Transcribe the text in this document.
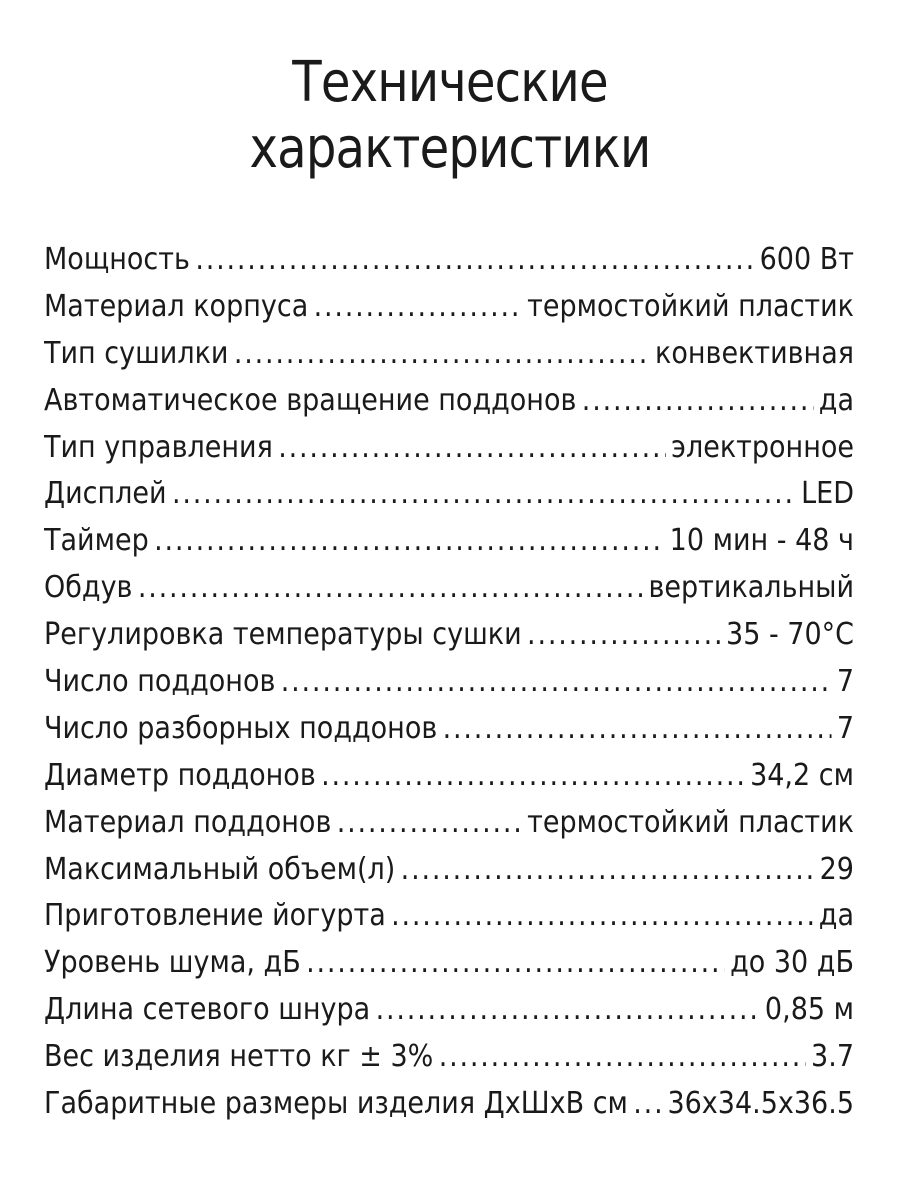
Технические
характеристики
Мощность .....	600 Вт
Материал корпуса .....	термостойкий пластик
Тип сушилки .....	конвективная
Автоматическое вращение поддонов .....	да
Тип управления .....	электронное
Дисплей .....	LED
Таймер .....	10 мин - 48 ч
Обдув .....	вертикальный
Регулировка температуры сушки .....	35 - 70°C
Число поддонов .....	7
Число разборных поддонов .....	7
Диаметр поддонов .....	34,2 см
Материал поддонов .....	термостойкий пластик
Максимальный объем(л) .....	29
Приготовление йогурта .....	да
Уровень шума, дБ .....	до 30 дБ
Длина сетевого шнура .....	0,85 м
Вес изделия нетто кг ± 3% .....	3.7
Габаритные размеры изделия ДхШхВ см ..... 36x34.5x36.5
